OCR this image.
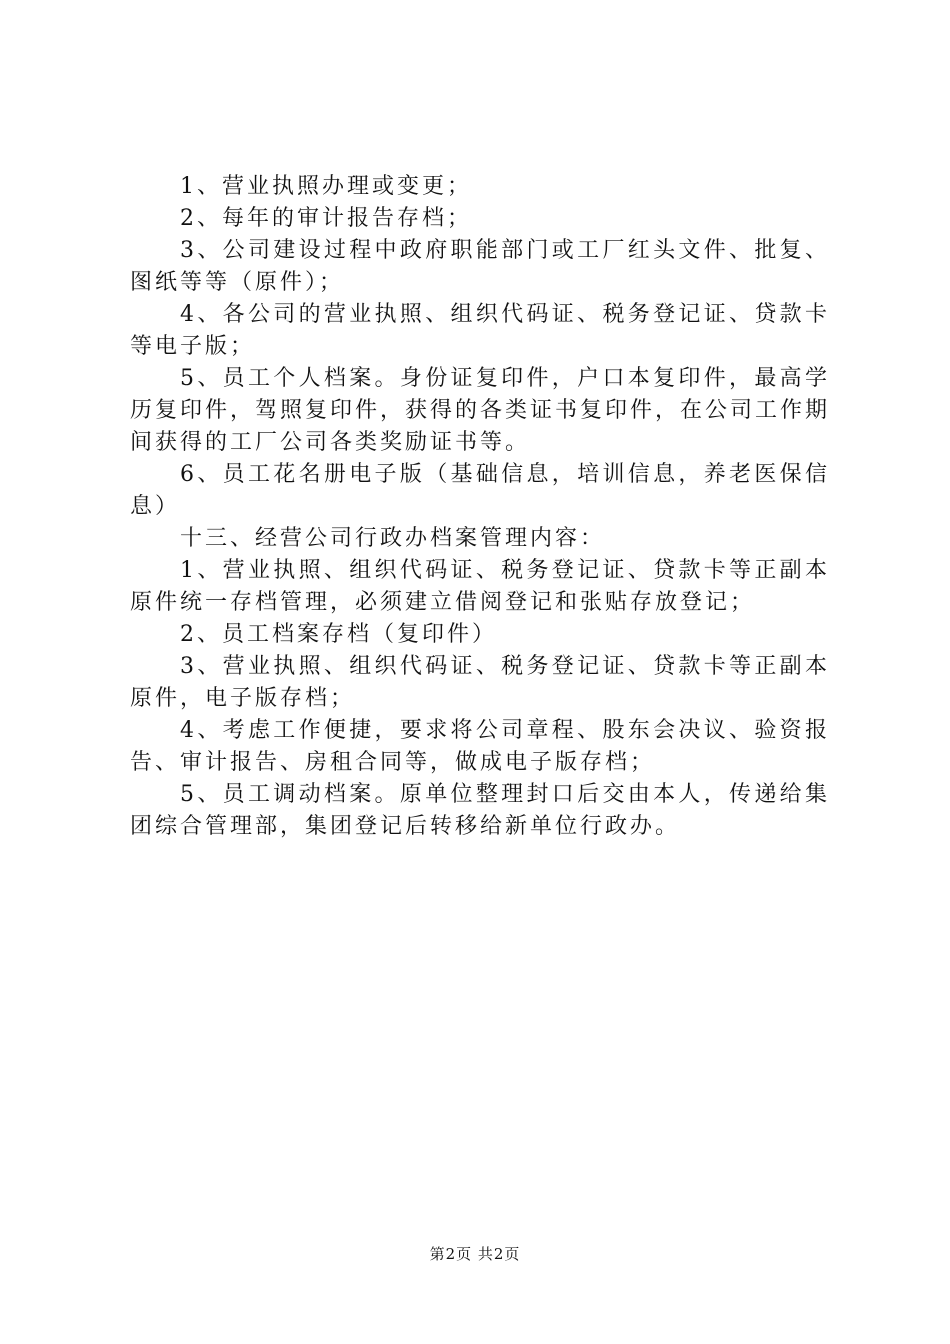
1、营业执照办理或变更；

2、每年的审计报告存档；

3、公司建设过程中政府职能部门或工厂红头文件、批复、图纸等等（原件）；

4、各公司的营业执照、组织代码证、税务登记证、贷款卡等电子版；

5、员工个人档案。身份证复印件，户口本复印件，最高学历复印件，驾照复印件，获得的各类证书复印件，在公司工作期间获得的工厂公司各类奖励证书等。

6、员工花名册电子版（基础信息，培训信息，养老医保信息）

十三、经营公司行政办档案管理内容：

1、营业执照、组织代码证、税务登记证、贷款卡等正副本原件统一存档管理，必须建立借阅登记和张贴存放登记；

2、员工档案存档（复印件）

3、营业执照、组织代码证、税务登记证、贷款卡等正副本原件，电子版存档；

4、考虑工作便捷，要求将公司章程、股东会决议、验资报告、审计报告、房租合同等，做成电子版存档；

5、员工调动档案。原单位整理封口后交由本人，传递给集团综合管理部，集团登记后转移给新单位行政办。

第2页 共2页
